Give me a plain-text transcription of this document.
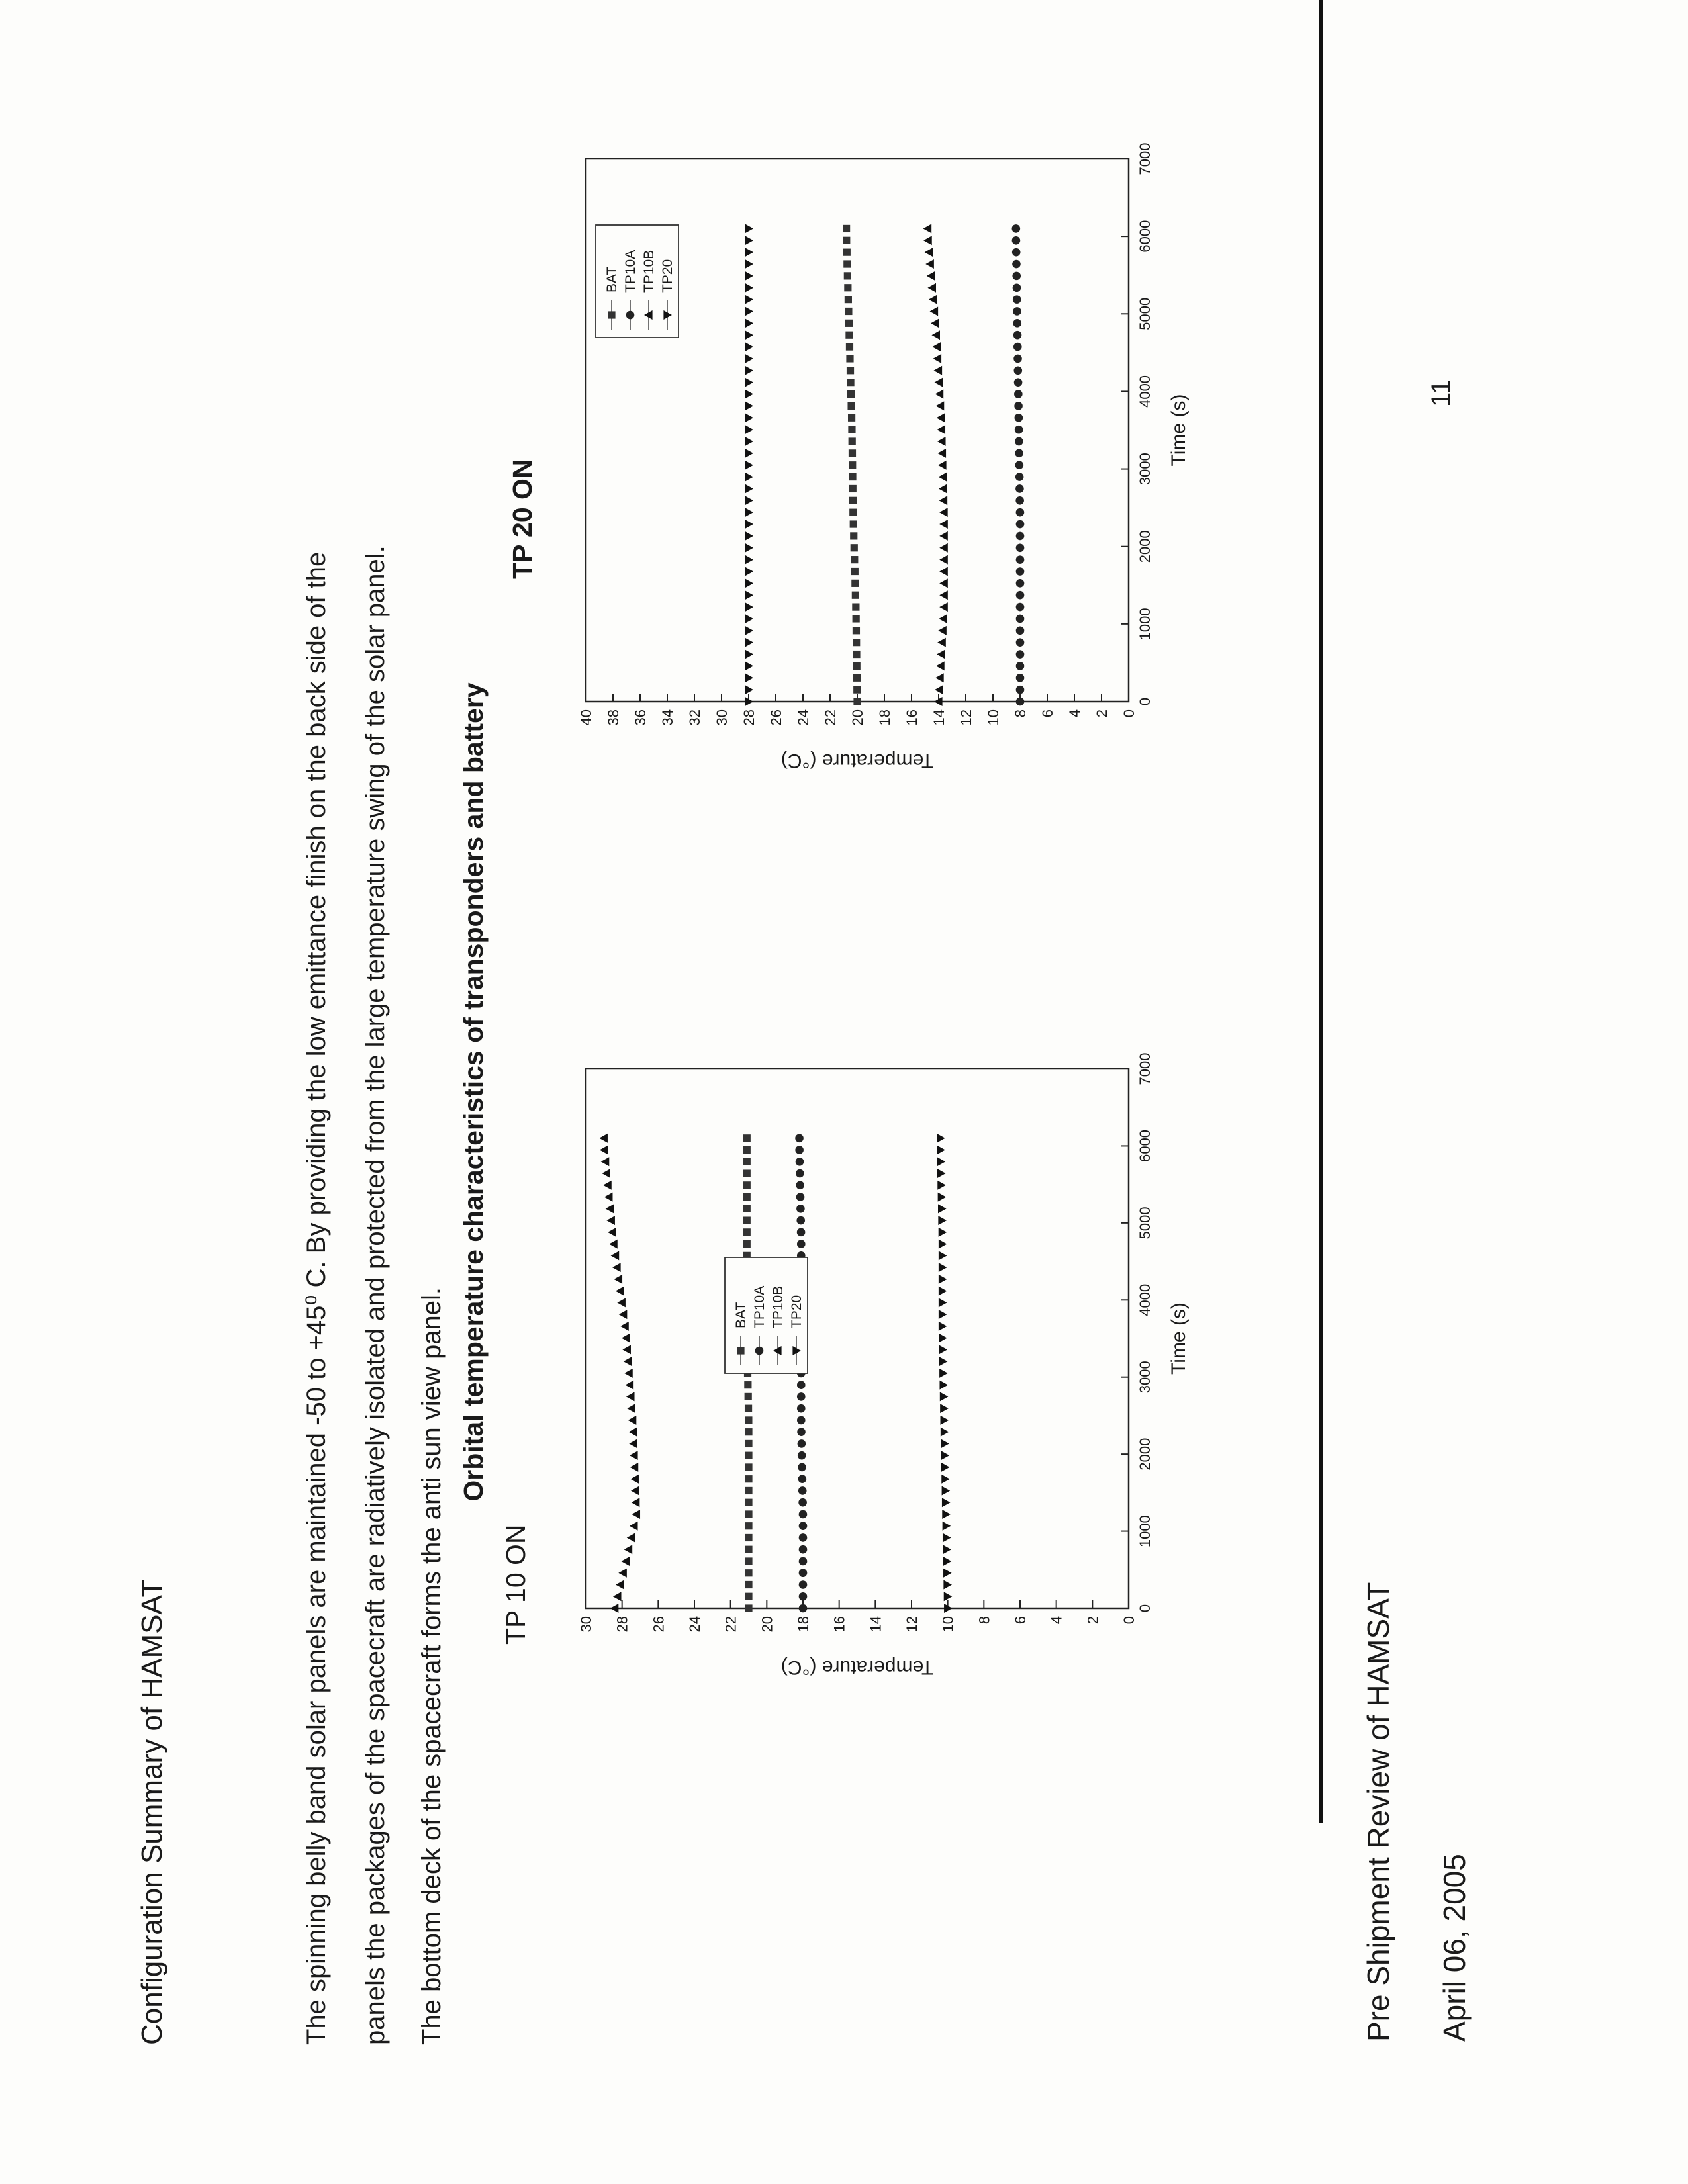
Configuration Summary of HAMSAT	The spinning belly band solar panels are maintained -50 to +45⁰ C. By providing the low emittance finish on the back side of the panels the packages of the spacecraft are radiatively isolated and protected from the large temperature swing of the solar panel. The bottom deck of the spacecraft forms the anti sun view panel.
Orbital temperature characteristics of transponders and battery
TP 10 ON
TP 20 ON
0
2
4
6
8
10
12
14
16
18
20
22
24
26
28
30
0
1000
2000
3000
4000
5000
6000
7000
Time (s)
Temperature (°C)
BAT TP10A TP10B TP20
0
2
4
6
8
10
12
14
16
18
20
22
24
26
28
30
32
34
36
38
40
0
1000
2000
3000
4000
5000
6000
7000
Time (s)
Temperature (°C)
BAT TP10A TP10B TP20
Pre Shipment Review of HAMSAT April 06, 2005
11
